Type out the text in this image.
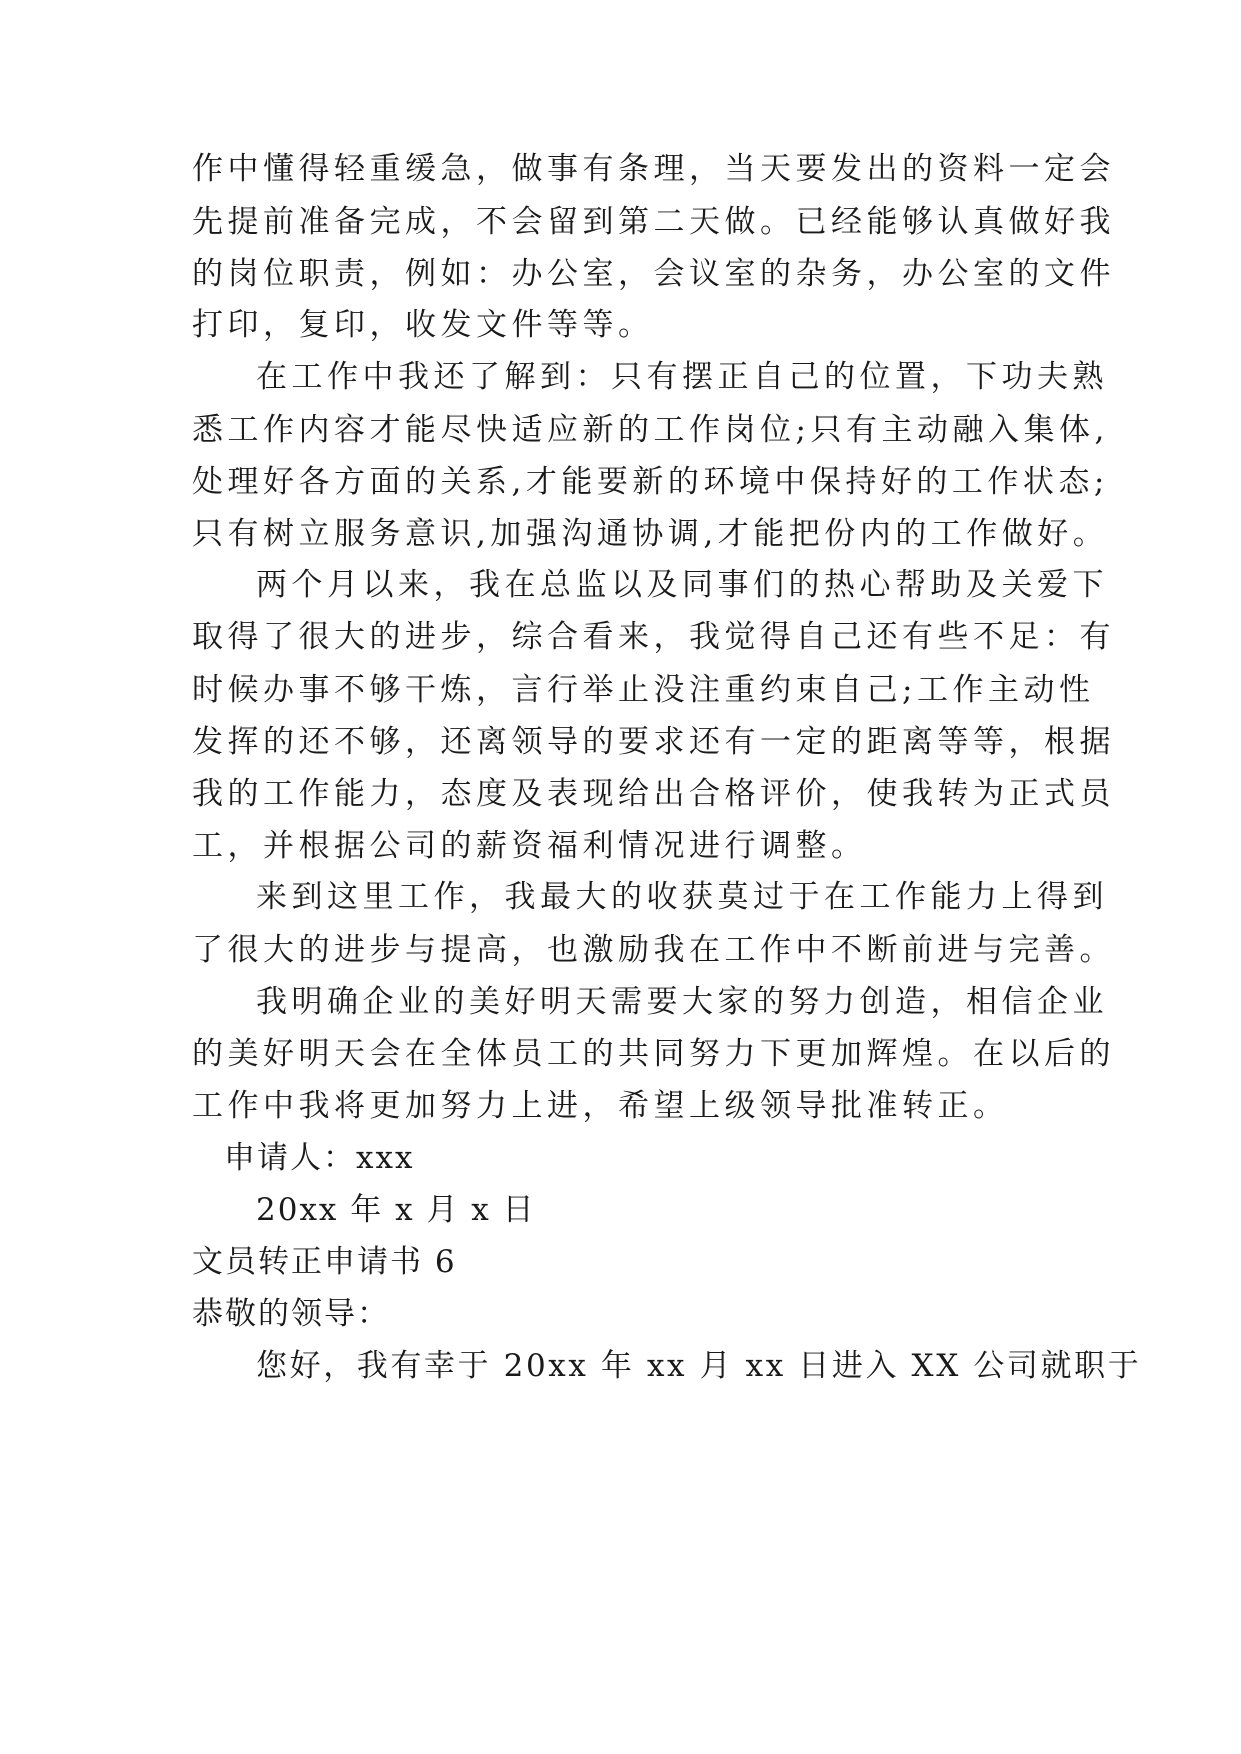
作中懂得轻重缓急，做事有条理，当天要发出的资料一定会
先提前准备完成，不会留到第二天做。已经能够认真做好我
的岗位职责，例如：办公室，会议室的杂务，办公室的文件
打印，复印，收发文件等等。
在工作中我还了解到：只有摆正自己的位置，下功夫熟
悉工作内容才能尽快适应新的工作岗位;只有主动融入集体,
处理好各方面的关系,才能要新的环境中保持好的工作状态;
只有树立服务意识,加强沟通协调,才能把份内的工作做好。
两个月以来，我在总监以及同事们的热心帮助及关爱下
取得了很大的进步，综合看来，我觉得自己还有些不足：有
时候办事不够干炼，言行举止没注重约束自己;工作主动性
发挥的还不够，还离领导的要求还有一定的距离等等，根据
我的工作能力，态度及表现给出合格评价，使我转为正式员
工，并根据公司的薪资福利情况进行调整。
来到这里工作，我最大的收获莫过于在工作能力上得到
了很大的进步与提高，也激励我在工作中不断前进与完善。
我明确企业的美好明天需要大家的努力创造，相信企业
的美好明天会在全体员工的共同努力下更加辉煌。在以后的
工作中我将更加努力上进，希望上级领导批准转正。
申请人：xxx
20xx 年 x 月 x 日
文员转正申请书 6
恭敬的领导：
您好，我有幸于 20xx 年 xx 月 xx 日进入 XX 公司就职于
